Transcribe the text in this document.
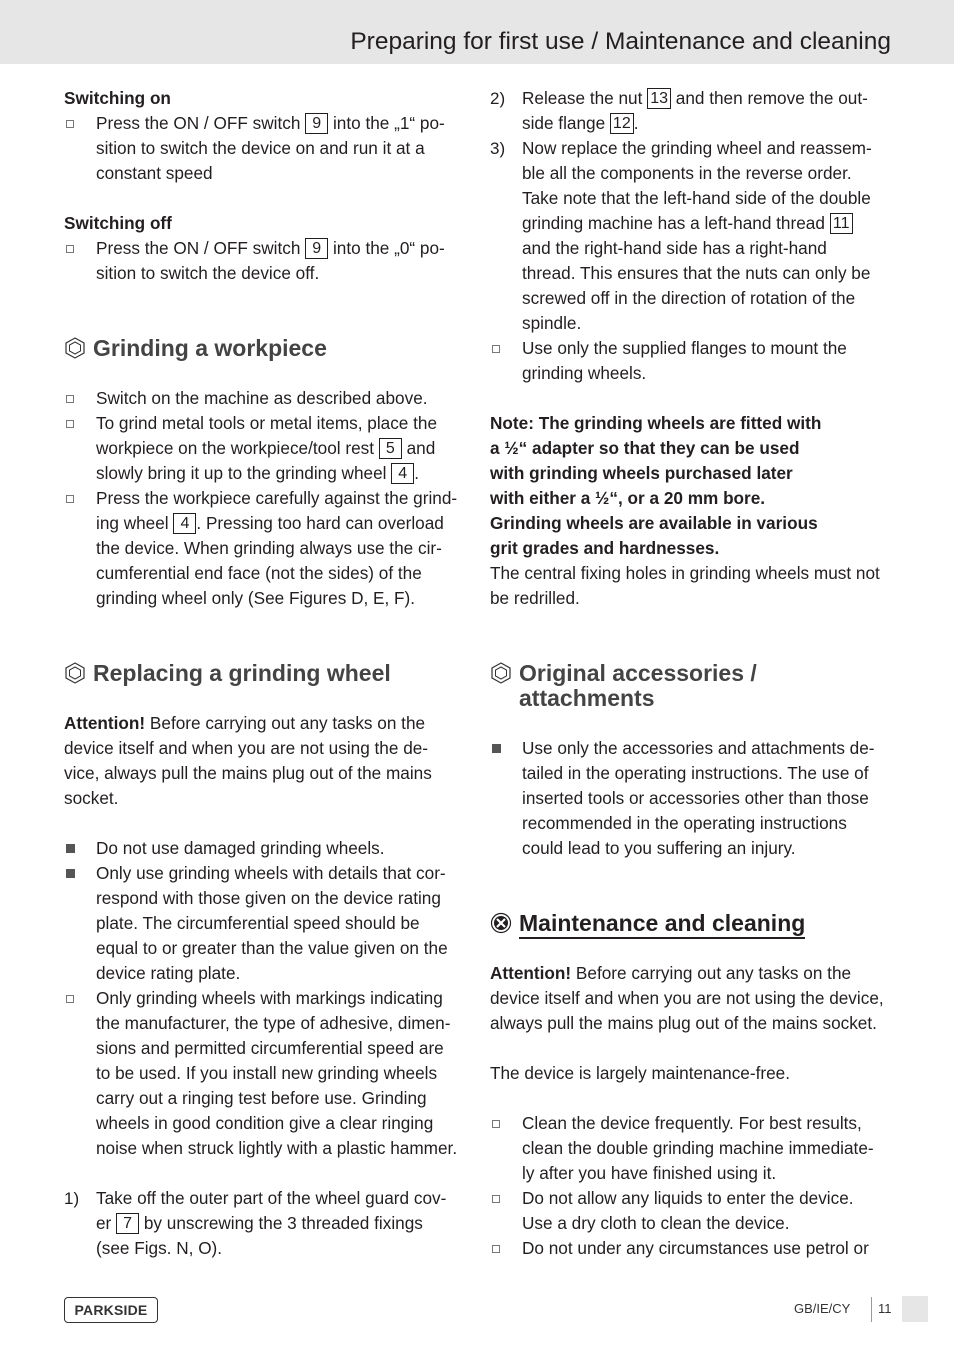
Preparing for first use / Maintenance and cleaning
Switching on
Press the ON / OFF switch 9 into the „1“ po-
sition to switch the device on and run it at a
constant speed
Switching off
Press the ON / OFF switch 9 into the „0“ po-
sition to switch the device off.
Grinding a workpiece
Switch on the machine as described above.
To grind metal tools or metal items, place the
workpiece on the workpiece/tool rest 5 and
slowly bring it up to the grinding wheel 4 .
Press the workpiece carefully against the grind-
ing wheel 4 . Pressing too hard can overload
the device. When grinding always use the cir-
cumferential end face (not the sides) of the
grinding wheel only (See Figures D, E, F).
Replacing a grinding wheel
Attention! Before carrying out any tasks on the
device itself and when you are not using the de-
vice, always pull the mains plug out of the mains
socket.
Do not use damaged grinding wheels.
Only use grinding wheels with details that cor-
respond with those given on the device rating
plate. The circumferential speed should be
equal to or greater than the value given on the
device rating plate.
Only grinding wheels with markings indicating
the manufacturer, the type of adhesive, dimen-
sions and permitted circumferential speed are
to be used. If you install new grinding wheels
carry out a ringing test before use. Grinding
wheels in good condition give a clear ringing
noise when struck lightly with a plastic hammer.
1) Take off the outer part of the wheel guard cov-
er 7 by unscrewing the 3 threaded fixings
(see Figs. N, O).
2) Release the nut 13 and then remove the out-
side flange 12 .
3) Now replace the grinding wheel and reassem-
ble all the components in the reverse order.
Take note that the left-hand side of the double
grinding machine has a left-hand thread 11
and the right-hand side has a right-hand
thread. This ensures that the nuts can only be
screwed off in the direction of rotation of the
spindle.
Use only the supplied flanges to mount the
grinding wheels.
Note: The grinding wheels are fitted with
a ½“ adapter so that they can be used
with grinding wheels purchased later
with either a ½“, or a 20 mm bore.
Grinding wheels are available in various
grit grades and hardnesses.
The central fixing holes in grinding wheels must not
be redrilled.
Original accessories /
attachments
Use only the accessories and attachments de-
tailed in the operating instructions. The use of
inserted tools or accessories other than those
recommended in the operating instructions
could lead to you suffering an injury.
Maintenance and cleaning
Attention! Before carrying out any tasks on the
device itself and when you are not using the device,
always pull the mains plug out of the mains socket.
The device is largely maintenance-free.
Clean the device frequently. For best results,
clean the double grinding machine immediate-
ly after you have finished using it.
Do not allow any liquids to enter the device.
Use a dry cloth to clean the device.
Do not under any circumstances use petrol or
PARKSIDE	GB/IE/CY 11
